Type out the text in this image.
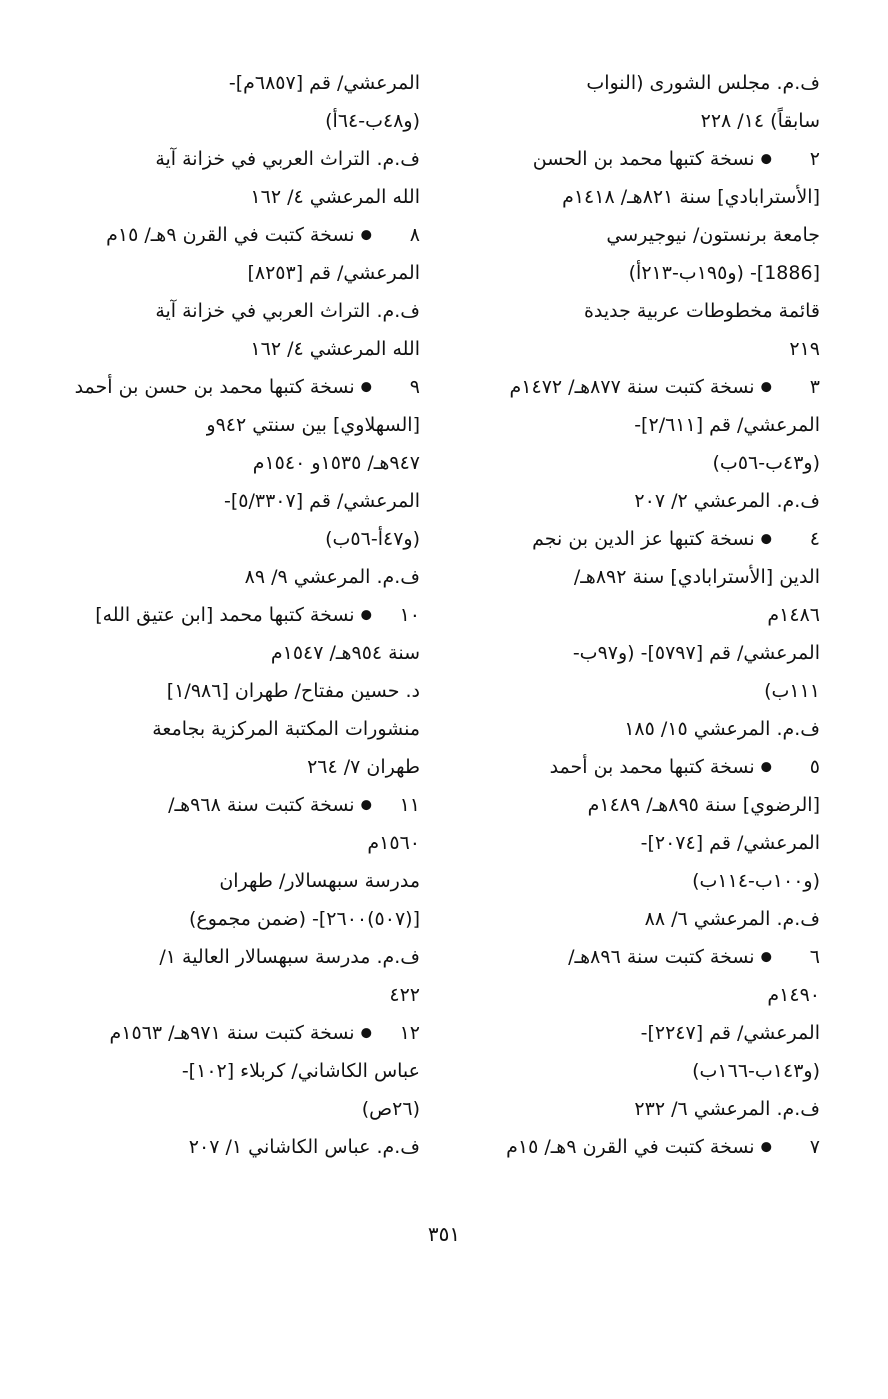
ف.م. مجلس الشورى (النواب
سابقاً) ١٤/ ٢٢٨
٢● نسخة كتبها محمد بن الحسن
[الأسترابادي] سنة ٨٢١هـ/ ١٤١٨م
جامعة برنستون/ نيوجيرسي
[1886]- (و١٩٥ب-٢١٣أ)
قائمة مخطوطات عربية جديدة
٢١٩
٣● نسخة كتبت سنة ٨٧٧هـ/ ١٤٧٢م
المرعشي/ قم [٢/٦١١]-
(و٤٣ب-٥٦ب)
ف.م. المرعشي ٢/ ٢٠٧
٤● نسخة كتبها عز الدين بن نجم
الدين [الأسترابادي] سنة ٨٩٢هـ/
١٤٨٦م
المرعشي/ قم [٥٧٩٧]- (و٩٧ب-
١١١ب)
ف.م. المرعشي ١٥/ ١٨٥
٥● نسخة كتبها محمد بن أحمد
[الرضوي] سنة ٨٩٥هـ/ ١٤٨٩م
المرعشي/ قم [٢٠٧٤]-
(و١٠٠ب-١١٤ب)
ف.م. المرعشي ٦/ ٨٨
٦● نسخة كتبت سنة ٨٩٦هـ/
١٤٩٠م
المرعشي/ قم [٢٢٤٧]-
(و١٤٣ب-١٦٦ب)
ف.م. المرعشي ٦/ ٢٣٢
٧● نسخة كتبت في القرن ٩هـ/ ١٥م
المرعشي/ قم [٦٨٥٧م]-
(و٤٨ب-٦٤أ)
ف.م. التراث العربي في خزانة آية
الله المرعشي ٤/ ١٦٢
٨● نسخة كتبت في القرن ٩هـ/ ١٥م
المرعشي/ قم [٨٢٥٣]
ف.م. التراث العربي في خزانة آية
الله المرعشي ٤/ ١٦٢
٩● نسخة كتبها محمد بن حسن بن أحمد
[السهلاوي] بين سنتي ٩٤٢و
٩٤٧هـ/ ١٥٣٥و ١٥٤٠م
المرعشي/ قم [٥/٣٣٠٧]-
(و٤٧أ-٥٦ب)
ف.م. المرعشي ٩/ ٨٩
١٠● نسخة كتبها محمد [ابن عتيق الله]
سنة ٩٥٤هـ/ ١٥٤٧م
د. حسين مفتاح/ طهران [١/٩٨٦]
منشورات المكتبة المركزية بجامعة
طهران ٧/ ٢٦٤
١١● نسخة كتبت سنة ٩٦٨هـ/
١٥٦٠م
مدرسة سبهسالار/ طهران
[(٥٠٧)٢٦٠٠]- (ضمن مجموع)
ف.م. مدرسة سبهسالار العالية ١/
٤٢٢
١٢● نسخة كتبت سنة ٩٧١هـ/ ١٥٦٣م
عباس الكاشاني/ كربلاء [١٠٢]-
(٢٦ص)
ف.م. عباس الكاشاني ١/ ٢٠٧
٣٥١
